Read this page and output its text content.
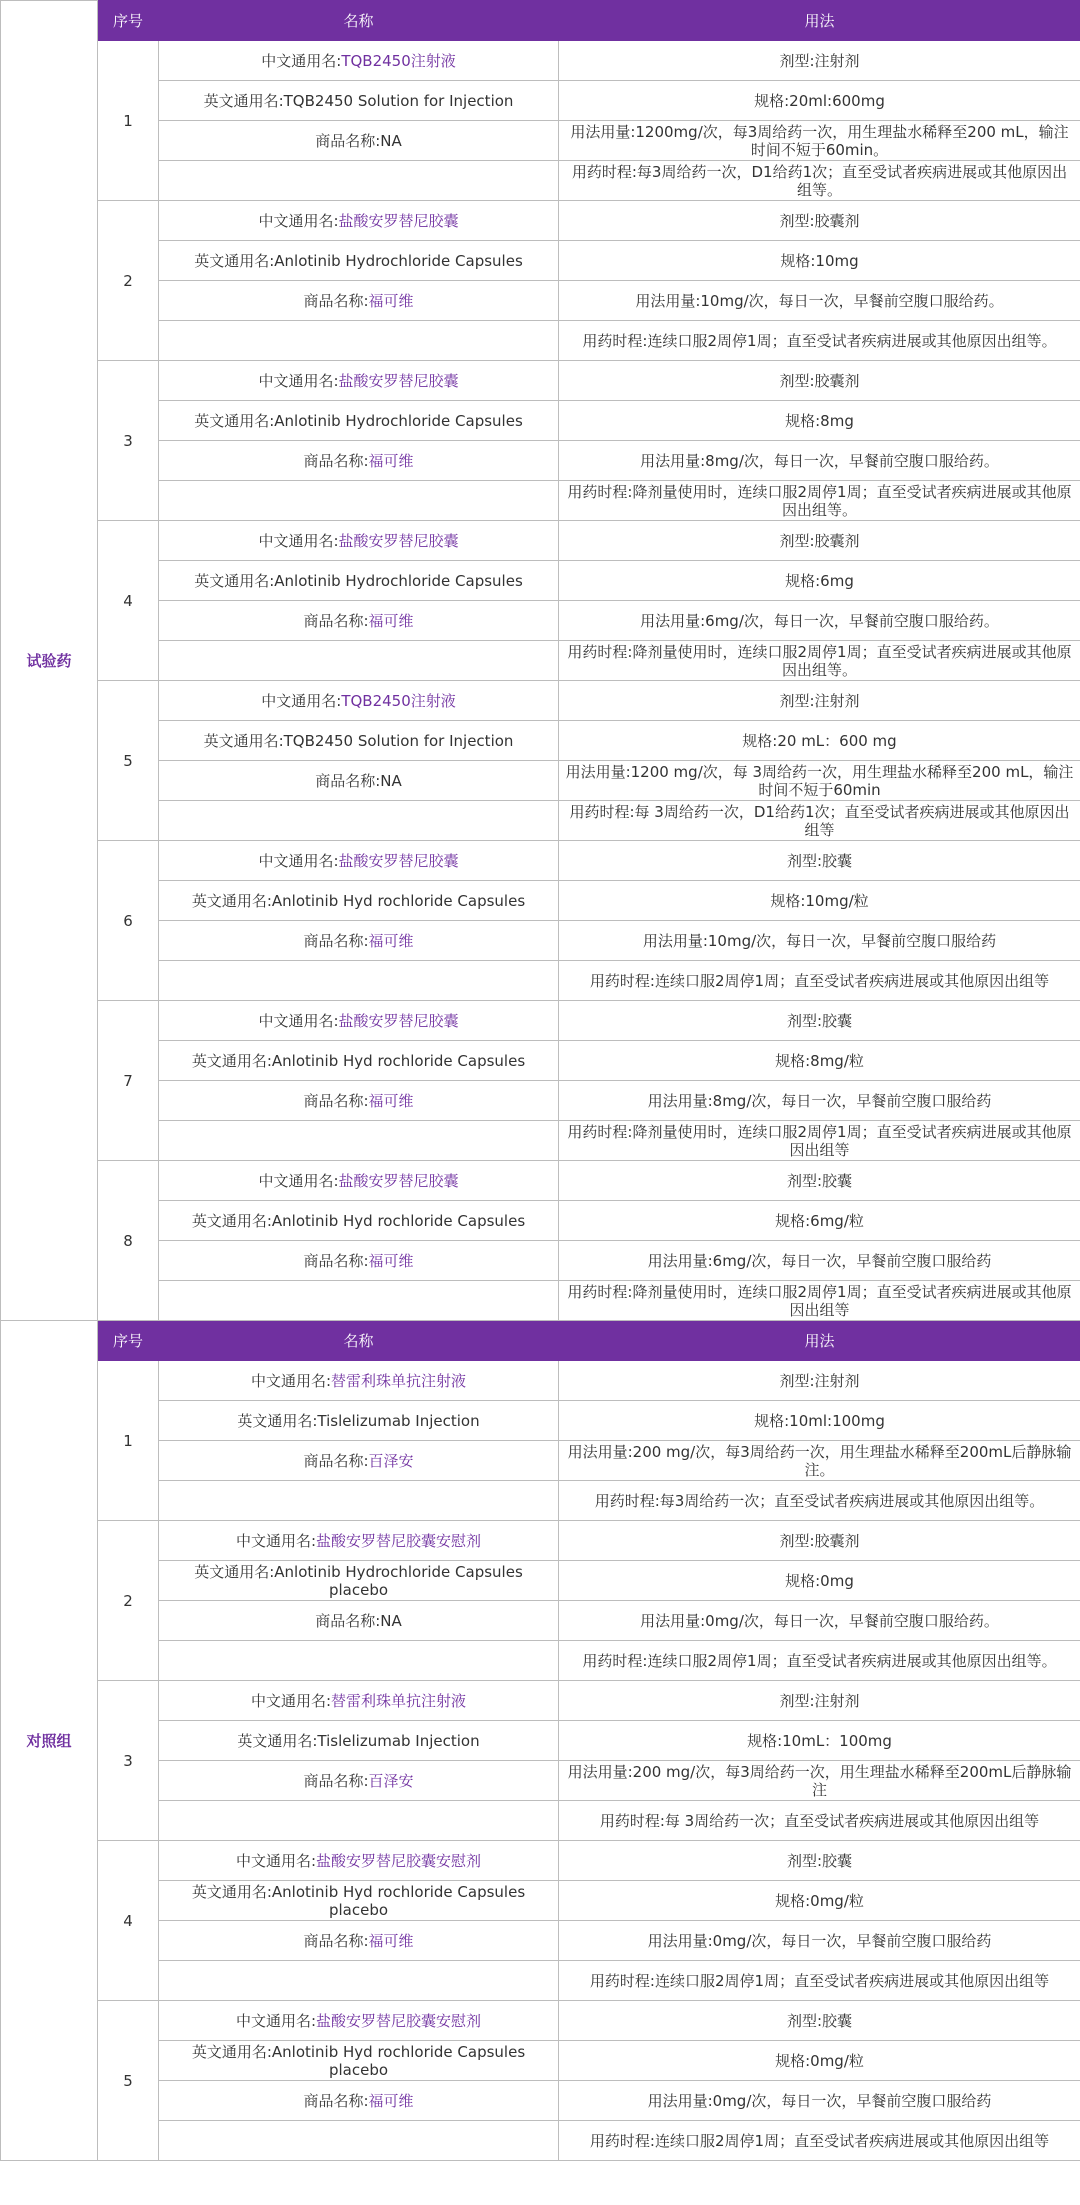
试验药	序号	名称	用法
	1	中文通用名:TQB2450注射液	剂型:注射剂
		英文通用名:TQB2450 Solution for Injection	规格:20ml:600mg
		商品名称:NA	用法用量:1200mg/次，每3周给药一次，用生理盐水稀释至200 mL，输注时间不短于60min。
			用药时程:每3周给药一次，D1给药1次；直至受试者疾病进展或其他原因出组等。
	2	中文通用名:盐酸安罗替尼胶囊	剂型:胶囊剂
		英文通用名:Anlotinib Hydrochloride Capsules	规格:10mg
		商品名称:福可维	用法用量:10mg/次，每日一次，早餐前空腹口服给药。
			用药时程:连续口服2周停1周；直至受试者疾病进展或其他原因出组等。
	3	中文通用名:盐酸安罗替尼胶囊	剂型:胶囊剂
		英文通用名:Anlotinib Hydrochloride Capsules	规格:8mg
		商品名称:福可维	用法用量:8mg/次，每日一次，早餐前空腹口服给药。
			用药时程:降剂量使用时，连续口服2周停1周；直至受试者疾病进展或其他原因出组等。
	4	中文通用名:盐酸安罗替尼胶囊	剂型:胶囊剂
		英文通用名:Anlotinib Hydrochloride Capsules	规格:6mg
		商品名称:福可维	用法用量:6mg/次，每日一次，早餐前空腹口服给药。
			用药时程:降剂量使用时，连续口服2周停1周；直至受试者疾病进展或其他原因出组等。
	5	中文通用名:TQB2450注射液	剂型:注射剂
		英文通用名:TQB2450 Solution for Injection	规格:20 mL：600 mg
		商品名称:NA	用法用量:1200 mg/次，每 3周给药一次，用生理盐水稀释至200 mL，输注时间不短于60min
			用药时程:每 3周给药一次，D1给药1次；直至受试者疾病进展或其他原因出组等
	6	中文通用名:盐酸安罗替尼胶囊	剂型:胶囊
		英文通用名:Anlotinib Hyd rochloride Capsules	规格:10mg/粒
		商品名称:福可维	用法用量:10mg/次，每日一次，早餐前空腹口服给药
			用药时程:连续口服2周停1周；直至受试者疾病进展或其他原因出组等
	7	中文通用名:盐酸安罗替尼胶囊	剂型:胶囊
		英文通用名:Anlotinib Hyd rochloride Capsules	规格:8mg/粒
		商品名称:福可维	用法用量:8mg/次，每日一次，早餐前空腹口服给药
			用药时程:降剂量使用时，连续口服2周停1周；直至受试者疾病进展或其他原因出组等
	8	中文通用名:盐酸安罗替尼胶囊	剂型:胶囊
		英文通用名:Anlotinib Hyd rochloride Capsules	规格:6mg/粒
		商品名称:福可维	用法用量:6mg/次，每日一次，早餐前空腹口服给药
			用药时程:降剂量使用时，连续口服2周停1周；直至受试者疾病进展或其他原因出组等
对照组	序号	名称	用法
	1	中文通用名:替雷利珠单抗注射液	剂型:注射剂
		英文通用名:Tislelizumab Injection	规格:10ml:100mg
		商品名称:百泽安	用法用量:200 mg/次，每3周给药一次，用生理盐水稀释至200mL后静脉输注。
			用药时程:每3周给药一次；直至受试者疾病进展或其他原因出组等。
	2	中文通用名:盐酸安罗替尼胶囊安慰剂	剂型:胶囊剂
		英文通用名:Anlotinib Hydrochloride Capsules placebo	规格:0mg
		商品名称:NA	用法用量:0mg/次，每日一次，早餐前空腹口服给药。
			用药时程:连续口服2周停1周；直至受试者疾病进展或其他原因出组等。
	3	中文通用名:替雷利珠单抗注射液	剂型:注射剂
		英文通用名:Tislelizumab Injection	规格:10mL：100mg
		商品名称:百泽安	用法用量:200 mg/次，每3周给药一次，用生理盐水稀释至200mL后静脉输注
			用药时程:每 3周给药一次；直至受试者疾病进展或其他原因出组等
	4	中文通用名:盐酸安罗替尼胶囊安慰剂	剂型:胶囊
		英文通用名:Anlotinib Hyd rochloride Capsules placebo	规格:0mg/粒
		商品名称:福可维	用法用量:0mg/次，每日一次，早餐前空腹口服给药
			用药时程:连续口服2周停1周；直至受试者疾病进展或其他原因出组等
	5	中文通用名:盐酸安罗替尼胶囊安慰剂	剂型:胶囊
		英文通用名:Anlotinib Hyd rochloride Capsules placebo	规格:0mg/粒
		商品名称:福可维	用法用量:0mg/次，每日一次，早餐前空腹口服给药
			用药时程:连续口服2周停1周；直至受试者疾病进展或其他原因出组等
